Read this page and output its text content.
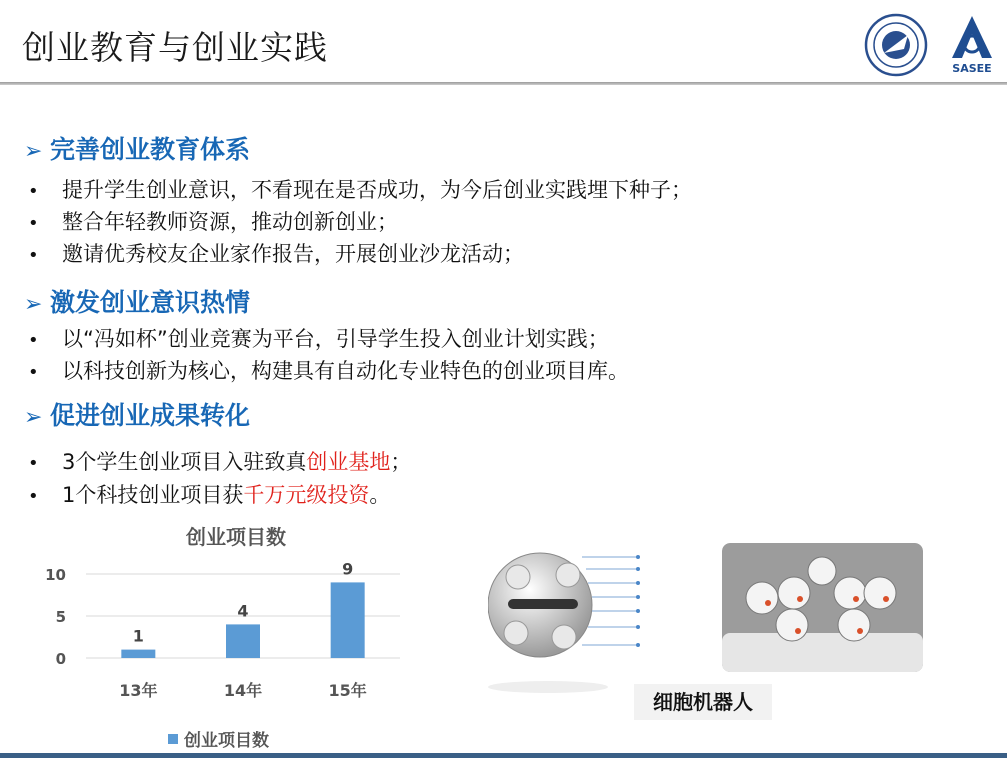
创业教育与创业实践
SASEE
➢ 完善创业教育体系
• 提升学生创业意识，不看现在是否成功，为今后创业实践埋下种子；
• 整合年轻教师资源，推动创新创业；
• 邀请优秀校友企业家作报告，开展创业沙龙活动；
➢ 激发创业意识热情
• 以“冯如杯”创业竞赛为平台，引导学生投入创业计划实践；
• 以科技创新为核心，构建具有自动化专业特色的创业项目库。
➢ 促进创业成果转化
• 3个学生创业项目入驻致真创业基地；
• 1个科技创业项目获千万元级投资。
创业项目数
0
5
10
1
4
9
13年	14年	15年
创业项目数
细胞机器人
